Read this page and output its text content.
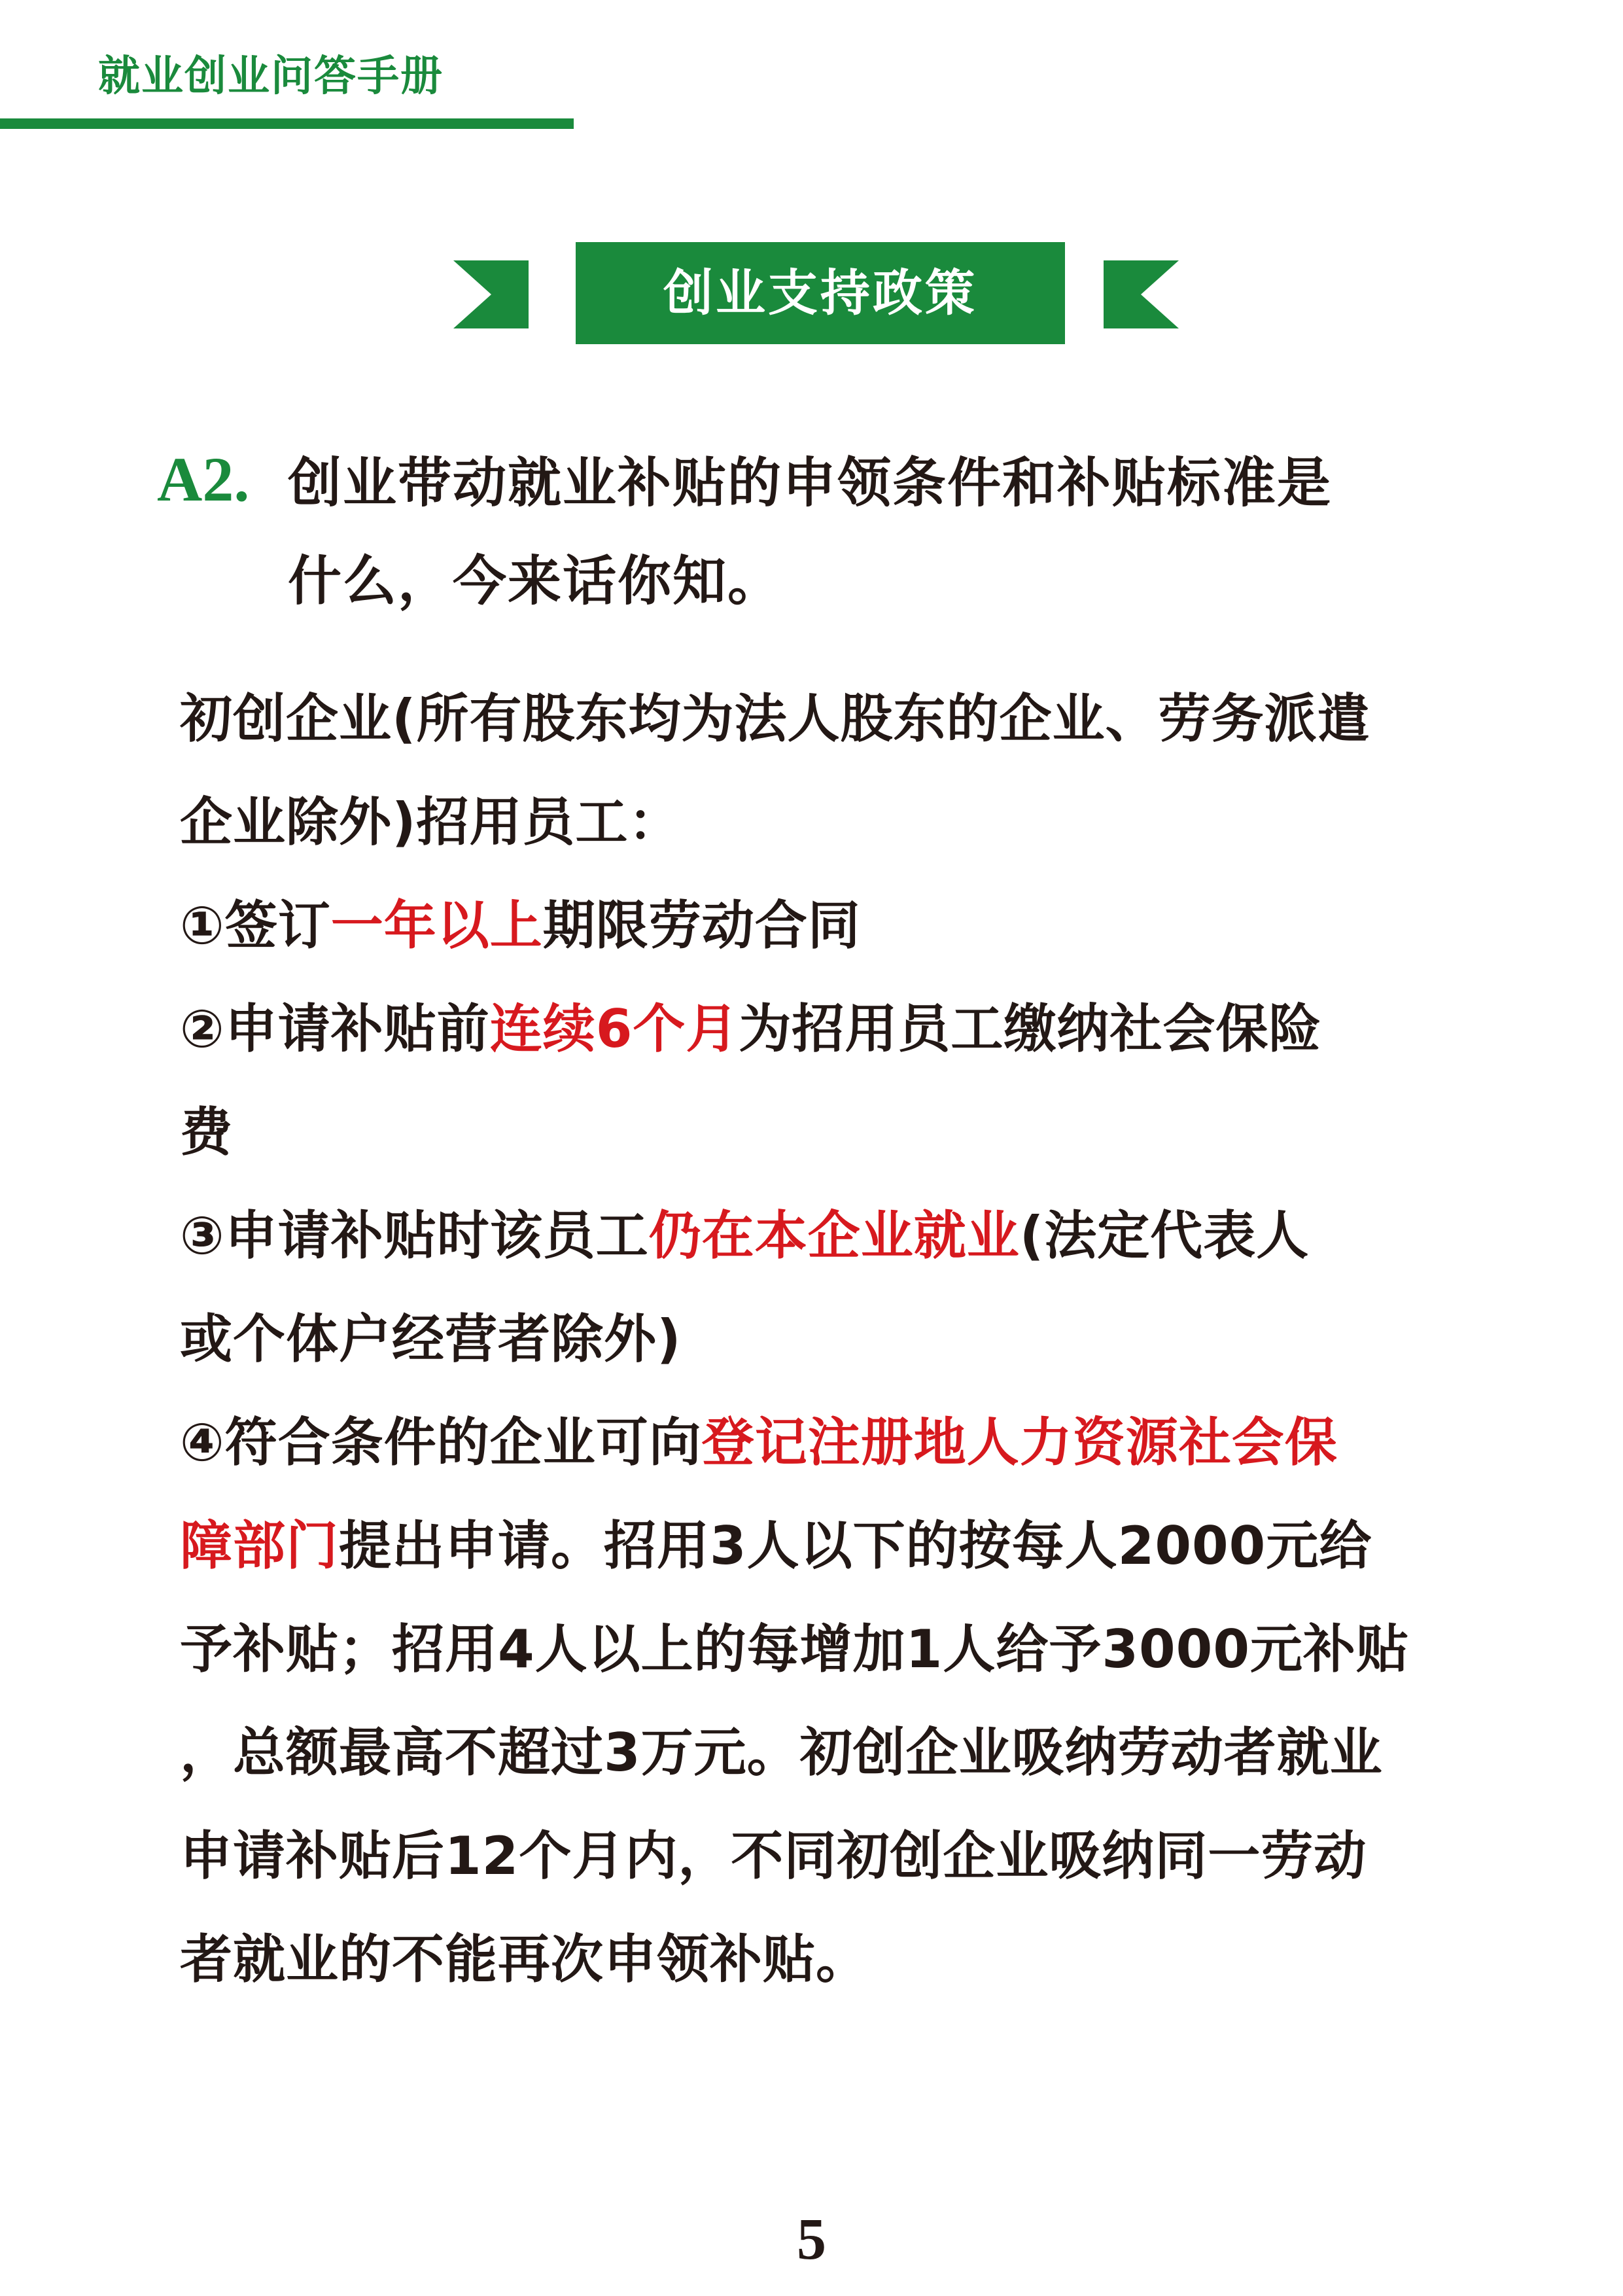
就业创业问答手册
创业支持政策
A2. 创业带动就业补贴的申领条件和补贴标准是
什么，今来话你知。
初创企业(所有股东均为法人股东的企业、劳务派遣
企业除外)招用员工：
①签订一年以上期限劳动合同
②申请补贴前连续6个月为招用员工缴纳社会保险
费
③申请补贴时该员工仍在本企业就业(法定代表人
或个体户经营者除外)
④符合条件的企业可向登记注册地人力资源社会保
障部门提出申请。招用3人以下的按每人2000元给
予补贴；招用4人以上的每增加1人给予3000元补贴
，总额最高不超过3万元。初创企业吸纳劳动者就业
申请补贴后12个月内，不同初创企业吸纳同一劳动
者就业的不能再次申领补贴。
5
